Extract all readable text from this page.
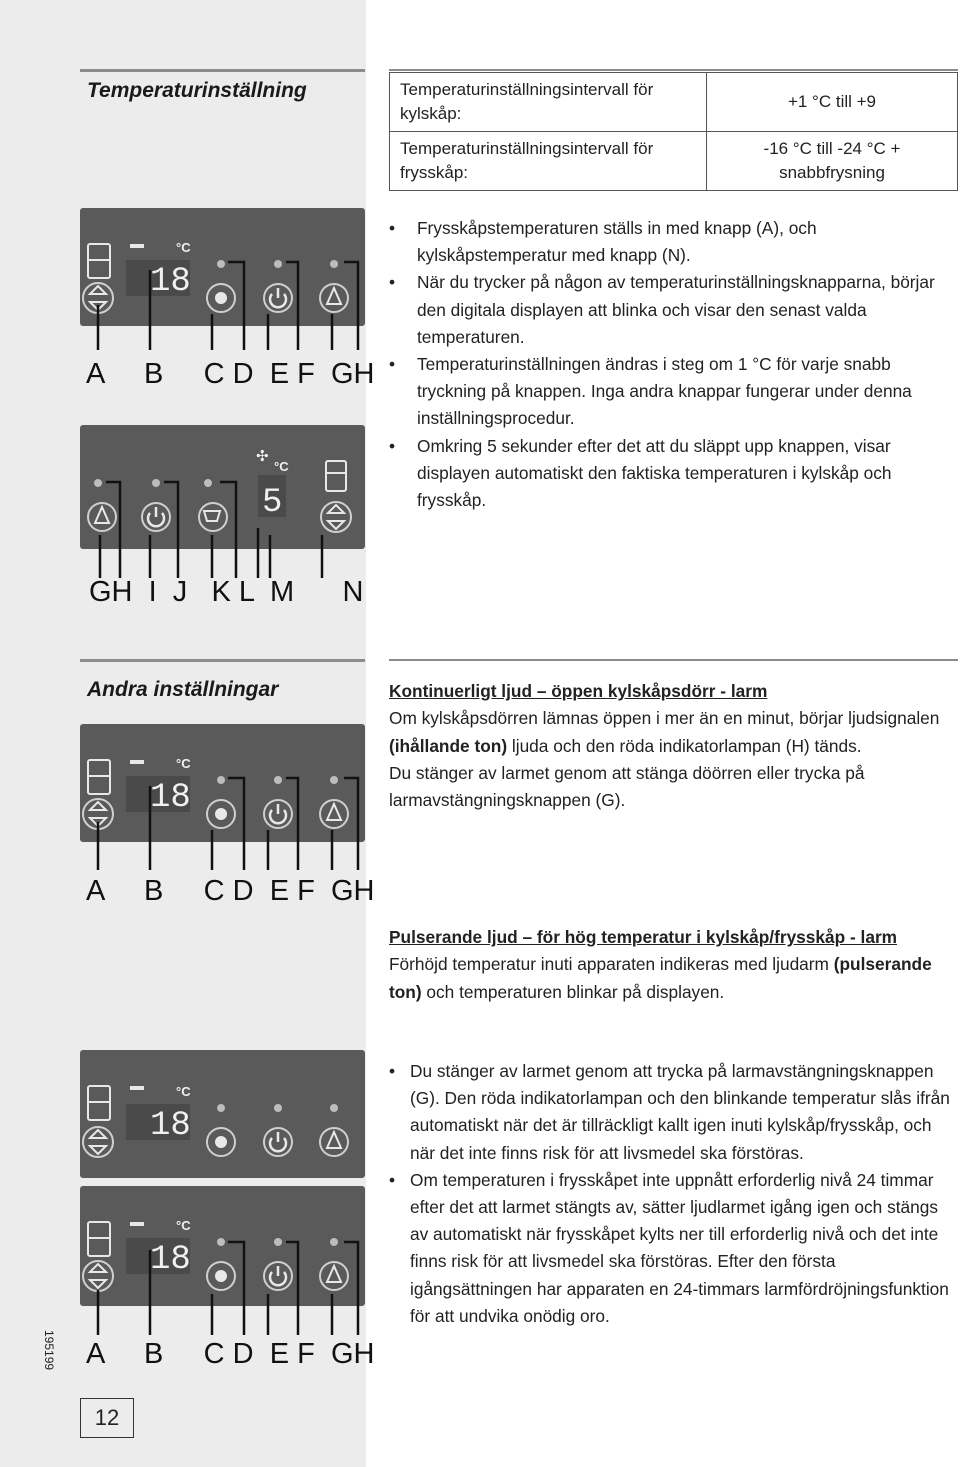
Temperaturinställning	Temperaturinställningsintervall för kylskåp:	+1 °C till +9
Temperaturinställningsintervall för frysskåp:	-16 °C till -24 °C + snabbfrysning
• Frysskåpstemperaturen ställs in med knapp (A), och kylskåpstemperatur med knapp (N).
• När du trycker på någon av temperaturinställningsknapparna, börjar den digitala displayen att blinka och visar den senast valda temperaturen.
• Temperaturinställningen ändras i steg om 1 °C för varje snabb tryckning på knappen. Inga andra knappar fungerar under denna inställningsprocedur.
• Omkring 5 sekunder efter det att du släppt upp knappen, visar displayen automatiskt den faktiska temperaturen i kylskåp och frysskåp.
18
°C
A     B     C D  E F  GH
✣
°C
5
GH  I  J   K L  M      N
Andra inställningar	Kontinuerligt ljud – öppen kylskåpsdörr - larm
Om kylskåpsdörren lämnas öppen i mer än en minut, börjar ljudsignalen (ihållande ton) ljuda och den röda indikatorlampan (H) tänds.
Du stänger av larmet genom att stänga döörren eller trycka på larmavstängningsknappen (G).
Pulserande ljud – för hög temperatur i kylskåp/frysskåp - larm
Förhöjd temperatur inuti apparaten indikeras med ljudarm (pulserande ton) och temperaturen blinkar på displayen.
• Du stänger av larmet genom att trycka på larmavstängningsknappen (G). Den röda indikatorlampan och den blinkande temperatur slås ifrån automatiskt när det är tillräckligt kallt igen inuti kylskåp/frysskåp, och när det inte finns risk för att livsmedel ska förstöras.
• Om temperaturen i frysskåpet inte uppnått erforderlig nivå 24 timmar efter det att larmet stängts av, sätter ljudlarmet igång igen och stängs av automatiskt när frysskåpet kylts ner till erforderlig nivå och det inte finns risk för att livsmedel ska förstöras. Efter den första igångsättningen har apparaten en 24-timmars larmfördröjningsfunktion för att undvika onödig oro.
18
°C
A     B     C D  E F  GH
18
°C
18
°C
A     B     C D  E F  GH
195199
12
